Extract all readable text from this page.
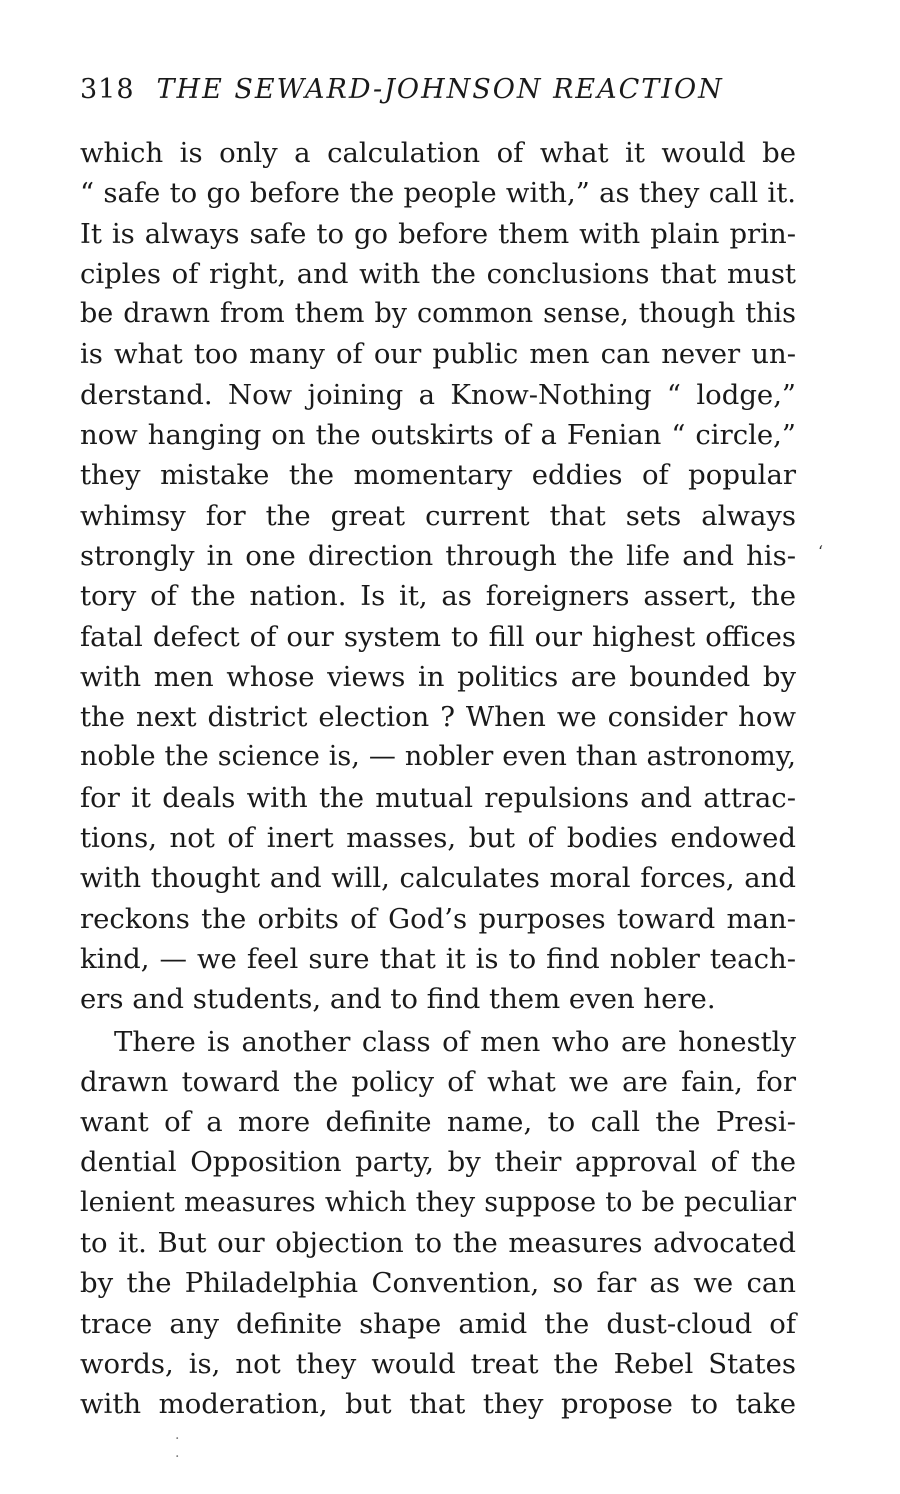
318 THE SEWARD-JOHNSON REACTION
which is only a calculation of what it would be
“ safe to go before the people with,” as they call it.
It is always safe to go before them with plain prin-
ciples of right, and with the conclusions that must
be drawn from them by common sense, though this
is what too many of our public men can never un-
derstand. Now joining a Know-Nothing “ lodge,”
now hanging on the outskirts of a Fenian “ circle,”
they mistake the momentary eddies of popular
whimsy for the great current that sets always
strongly in one direction through the life and his-
tory of the nation. Is it, as foreigners assert, the
fatal defect of our system to fill our highest offices
with men whose views in politics are bounded by
the next district election ? When we consider how
noble the science is, — nobler even than astronomy,
for it deals with the mutual repulsions and attrac-
tions, not of inert masses, but of bodies endowed
with thought and will, calculates moral forces, and
reckons the orbits of God’s purposes toward man-
kind, — we feel sure that it is to find nobler teach-
ers and students, and to find them even here.
There is another class of men who are honestly
drawn toward the policy of what we are fain, for
want of a more definite name, to call the Presi-
dential Opposition party, by their approval of the
lenient measures which they suppose to be peculiar
to it. But our objection to the measures advocated
by the Philadelphia Convention, so far as we can
trace any definite shape amid the dust-cloud of
words, is, not they would treat the Rebel States
with moderation, but that they propose to take
ʻ
·
·
